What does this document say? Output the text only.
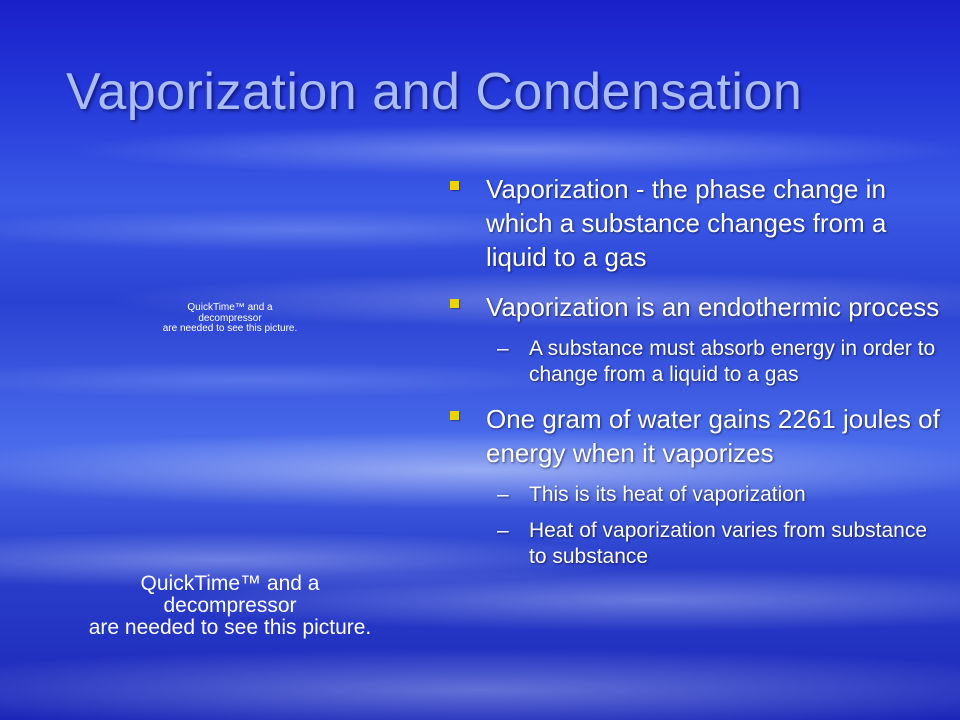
Vaporization and Condensation
QuickTime™ and a
decompressor
are needed to see this picture.
QuickTime™ and a
decompressor
are needed to see this picture.
Vaporization - the phase change in which a substance changes from a liquid to a gas
Vaporization is an endothermic process
– A substance must absorb energy in order to change from a liquid to a gas
One gram of water gains 2261 joules of energy when it vaporizes
– This is its heat of vaporization
– Heat of vaporization varies from substance to substance
